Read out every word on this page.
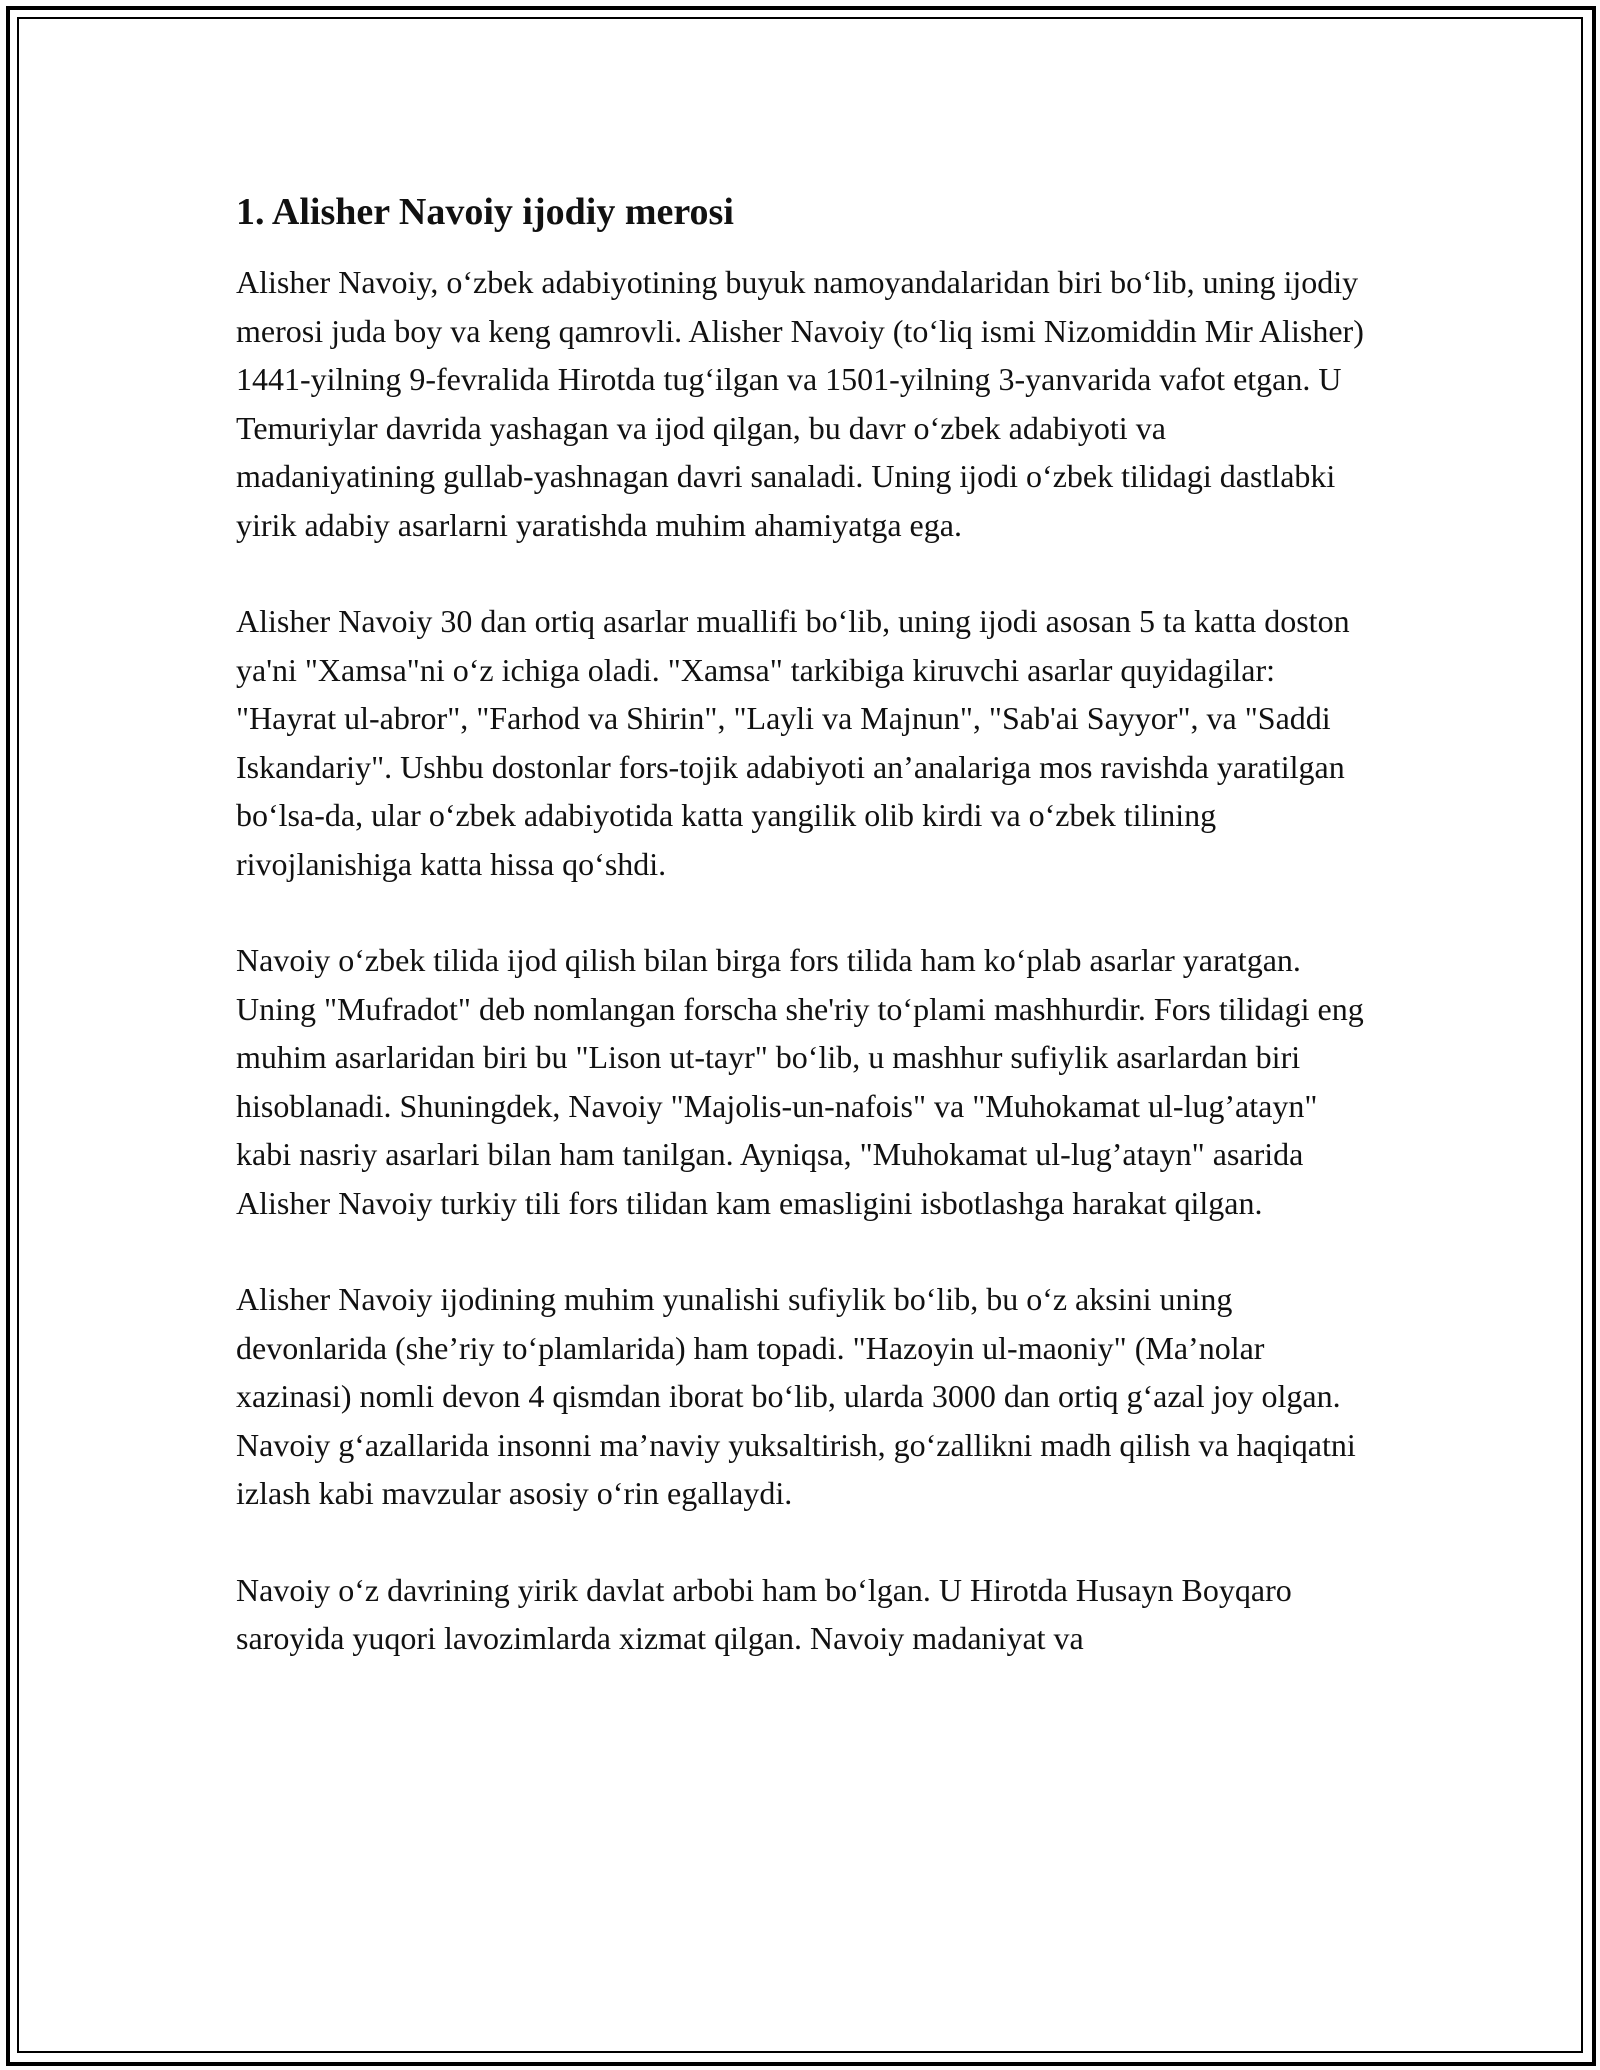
1. Alisher Navoiy ijodiy merosi

Alisher Navoiy, o‘zbek adabiyotining buyuk namoyandalaridan biri bo‘lib, uning ijodiy merosi juda boy va keng qamrovli. Alisher Navoiy (to‘liq ismi Nizomiddin Mir Alisher) 1441-yilning 9-fevralida Hirotda tug‘ilgan va 1501-yilning 3-yanvarida vafot etgan. U Temuriylar davrida yashagan va ijod qilgan, bu davr o‘zbek adabiyoti va madaniyatining gullab-yashnagan davri sanaladi. Uning ijodi o‘zbek tilidagi dastlabki yirik adabiy asarlarni yaratishda muhim ahamiyatga ega.

Alisher Navoiy 30 dan ortiq asarlar muallifi bo‘lib, uning ijodi asosan 5 ta katta doston ya'ni "Xamsa"ni o‘z ichiga oladi. "Xamsa" tarkibiga kiruvchi asarlar quyidagilar: "Hayrat ul-abror", "Farhod va Shirin", "Layli va Majnun", "Sab'ai Sayyor", va "Saddi Iskandariy". Ushbu dostonlar fors-tojik adabiyoti an’analariga mos ravishda yaratilgan bo‘lsa-da, ular o‘zbek adabiyotida katta yangilik olib kirdi va o‘zbek tilining rivojlanishiga katta hissa qo‘shdi.

Navoiy o‘zbek tilida ijod qilish bilan birga fors tilida ham ko‘plab asarlar yaratgan. Uning "Mufradot" deb nomlangan forscha she'riy to‘plami mashhurdir. Fors tilidagi eng muhim asarlaridan biri bu "Lison ut-tayr" bo‘lib, u mashhur sufiylik asarlardan biri hisoblanadi. Shuningdek, Navoiy "Majolis-un-nafois" va "Muhokamat ul-lug’atayn" kabi nasriy asarlari bilan ham tanilgan. Ayniqsa, "Muhokamat ul-lug’atayn" asarida Alisher Navoiy turkiy tili fors tilidan kam emasligini isbotlashga harakat qilgan.

Alisher Navoiy ijodining muhim yunalishi sufiylik bo‘lib, bu o‘z aksini uning devonlarida (she’riy to‘plamlarida) ham topadi. "Hazoyin ul-maoniy" (Ma’nolar xazinasi) nomli devon 4 qismdan iborat bo‘lib, ularda 3000 dan ortiq g‘azal joy olgan. Navoiy g‘azallarida insonni ma’naviy yuksaltirish, go‘zallikni madh qilish va haqiqatni izlash kabi mavzular asosiy o‘rin egallaydi.

Navoiy o‘z davrining yirik davlat arbobi ham bo‘lgan. U Hirotda Husayn Boyqaro saroyida yuqori lavozimlarda xizmat qilgan. Navoiy madaniyat va
